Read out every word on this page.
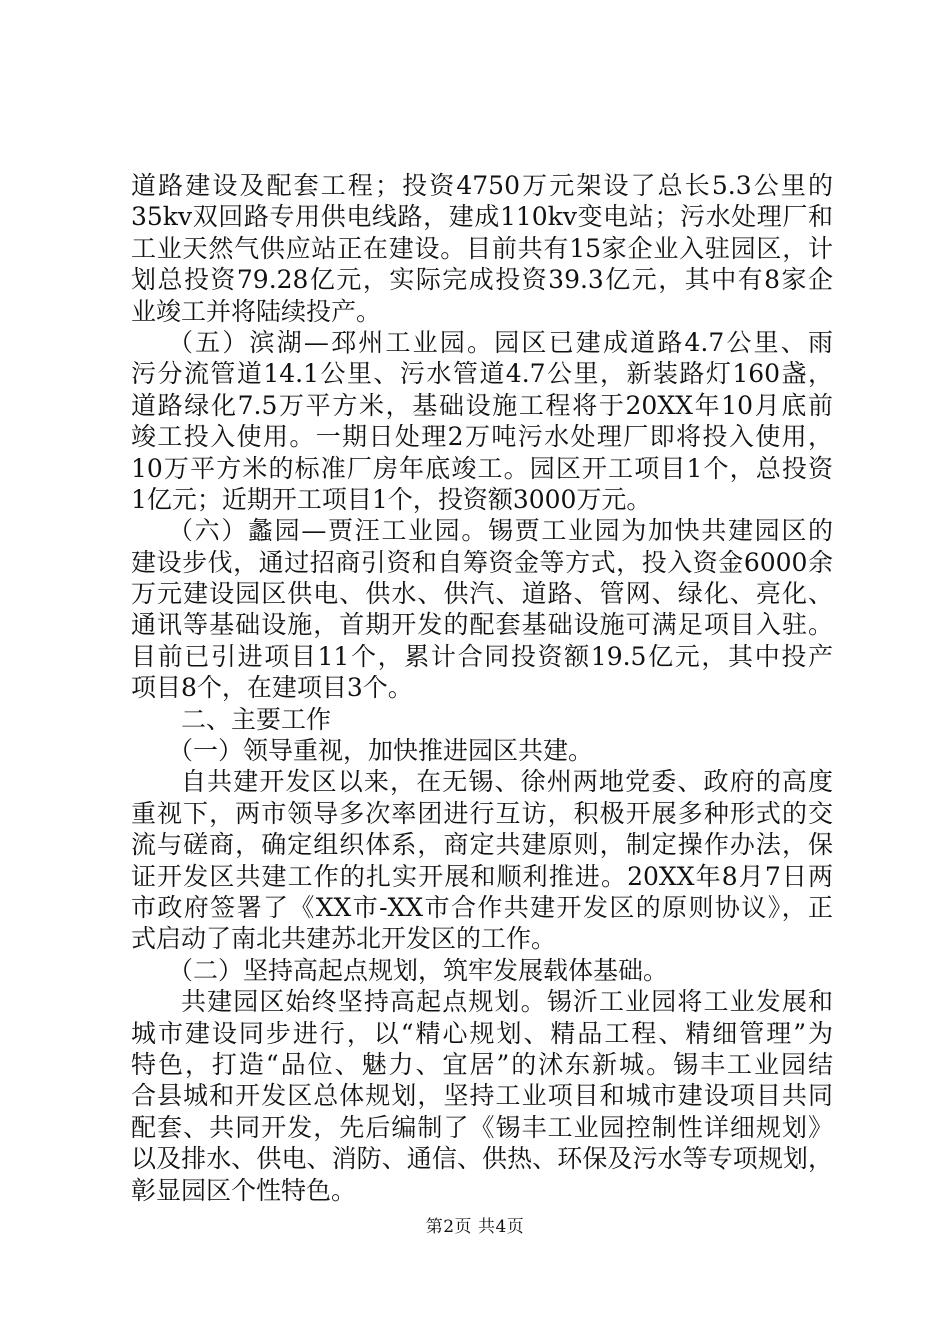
道路建设及配套工程；投资4750万元架设了总长5.3公里的
35kv双回路专用供电线路，建成110kv变电站；污水处理厂和
工业天然气供应站正在建设。目前共有15家企业入驻园区，计
划总投资79.28亿元，实际完成投资39.3亿元，其中有8家企
业竣工并将陆续投产。
（五）滨湖—邳州工业园。园区已建成道路4.7公里、雨
污分流管道14.1公里、污水管道4.7公里，新装路灯160盏，
道路绿化7.5万平方米，基础设施工程将于20XX年10月底前
竣工投入使用。一期日处理2万吨污水处理厂即将投入使用，
10万平方米的标准厂房年底竣工。园区开工项目1个，总投资
1亿元；近期开工项目1个，投资额3000万元。
（六）蠡园—贾汪工业园。锡贾工业园为加快共建园区的
建设步伐，通过招商引资和自筹资金等方式，投入资金6000余
万元建设园区供电、供水、供汽、道路、管网、绿化、亮化、
通讯等基础设施，首期开发的配套基础设施可满足项目入驻。
目前已引进项目11个，累计合同投资额19.5亿元，其中投产
项目8个，在建项目3个。
二、主要工作
（一）领导重视，加快推进园区共建。
自共建开发区以来，在无锡、徐州两地党委、政府的高度
重视下，两市领导多次率团进行互访，积极开展多种形式的交
流与磋商，确定组织体系，商定共建原则，制定操作办法，保
证开发区共建工作的扎实开展和顺利推进。20XX年8月7日两
市政府签署了《XX市-XX市合作共建开发区的原则协议》，正
式启动了南北共建苏北开发区的工作。
（二）坚持高起点规划，筑牢发展载体基础。
共建园区始终坚持高起点规划。锡沂工业园将工业发展和
城市建设同步进行，以“精心规划、精品工程、精细管理”为
特色，打造“品位、魅力、宜居”的沭东新城。锡丰工业园结
合县城和开发区总体规划，坚持工业项目和城市建设项目共同
配套、共同开发，先后编制了《锡丰工业园控制性详细规划》
以及排水、供电、消防、通信、供热、环保及污水等专项规划，
彰显园区个性特色。
第2页 共4页
